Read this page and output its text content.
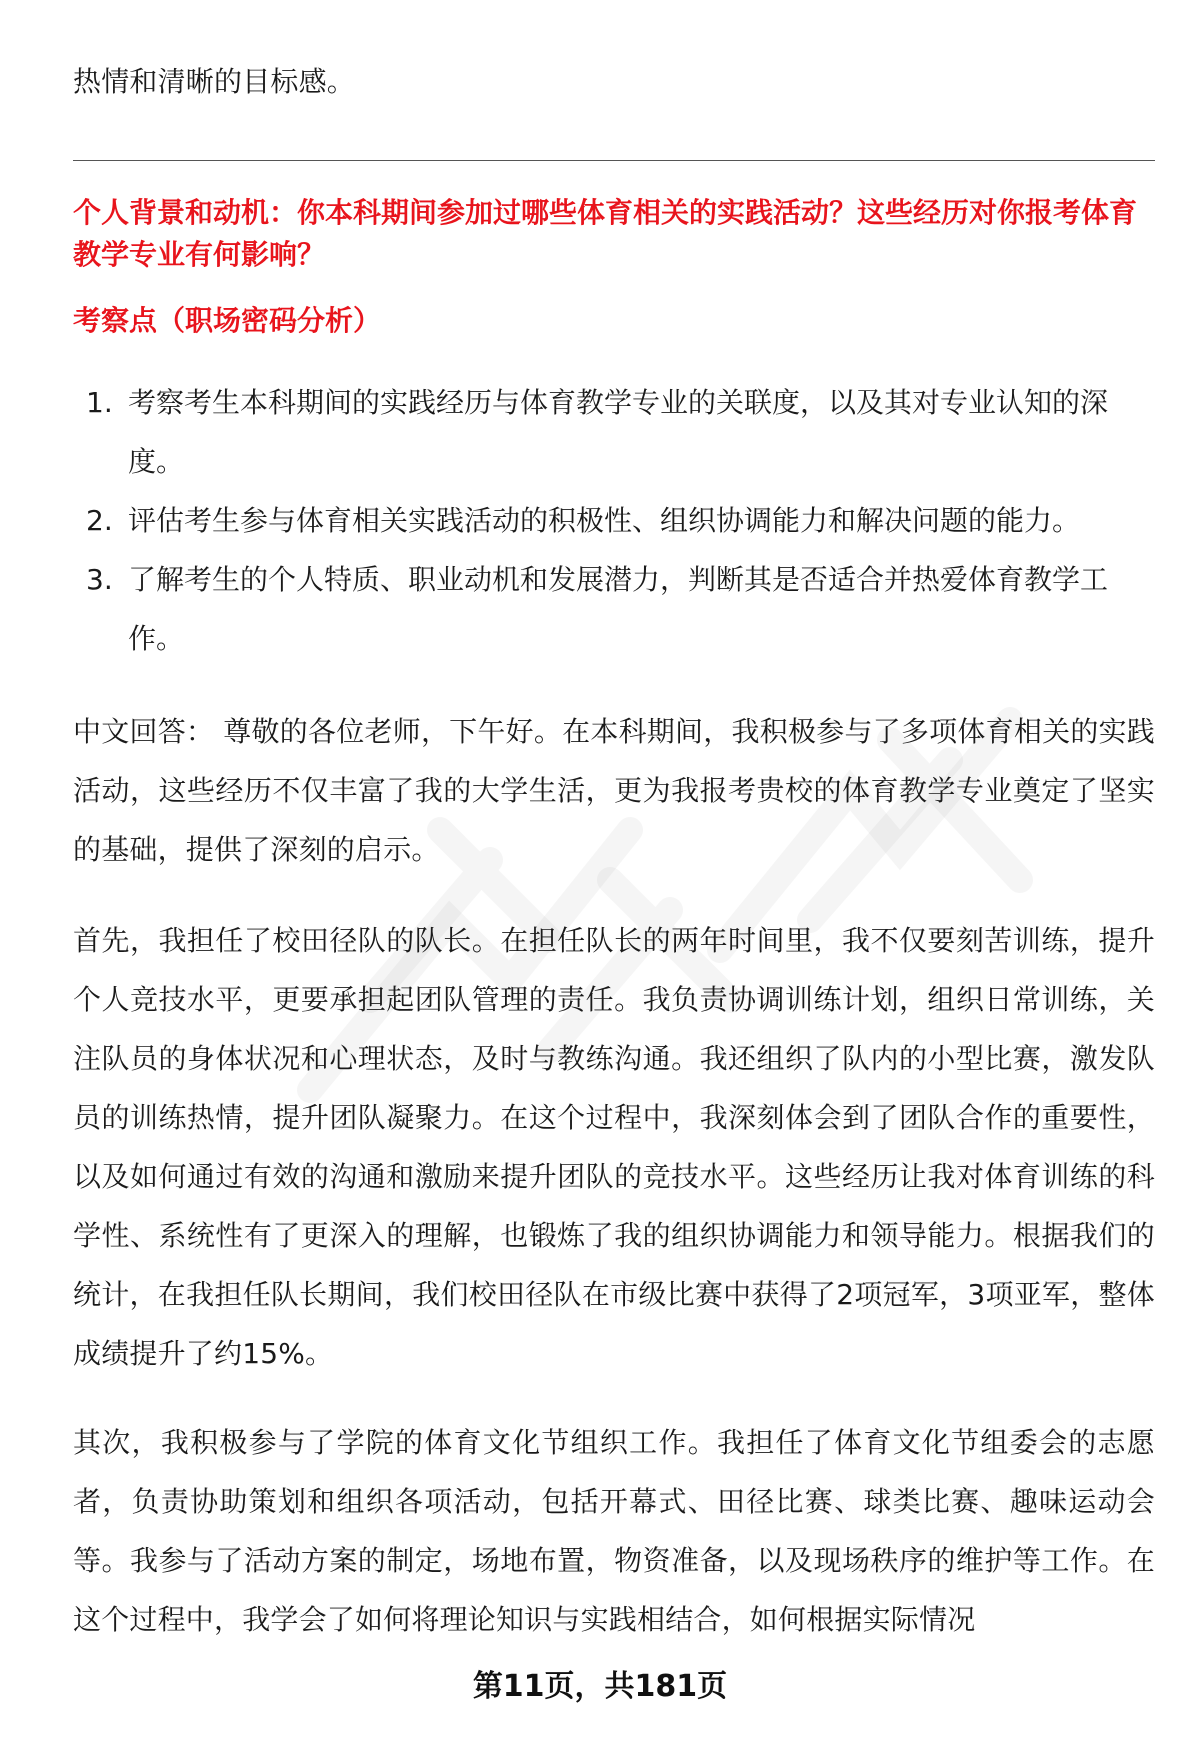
热情和清晰的目标感。

个人背景和动机：你本科期间参加过哪些体育相关的实践活动？这些经历对你报考体育教学专业有何影响？

考察点（职场密码分析）

1. 考察考生本科期间的实践经历与体育教学专业的关联度，以及其对专业认知的深度。
2. 评估考生参与体育相关实践活动的积极性、组织协调能力和解决问题的能力。
3. 了解考生的个人特质、职业动机和发展潜力，判断其是否适合并热爱体育教学工作。

中文回答： 尊敬的各位老师，下午好。在本科期间，我积极参与了多项体育相关的实践活动，这些经历不仅丰富了我的大学生活，更为我报考贵校的体育教学专业奠定了坚实的基础，提供了深刻的启示。

首先，我担任了校田径队的队长。在担任队长的两年时间里，我不仅要刻苦训练，提升个人竞技水平，更要承担起团队管理的责任。我负责协调训练计划，组织日常训练，关注队员的身体状况和心理状态，及时与教练沟通。我还组织了队内的小型比赛，激发队员的训练热情，提升团队凝聚力。在这个过程中，我深刻体会到了团队合作的重要性，以及如何通过有效的沟通和激励来提升团队的竞技水平。这些经历让我对体育训练的科学性、系统性有了更深入的理解，也锻炼了我的组织协调能力和领导能力。根据我们的统计，在我担任队长期间，我们校田径队在市级比赛中获得了2项冠军，3项亚军，整体成绩提升了约15%。

其次，我积极参与了学院的体育文化节组织工作。我担任了体育文化节组委会的志愿者，负责协助策划和组织各项活动，包括开幕式、田径比赛、球类比赛、趣味运动会等。我参与了活动方案的制定，场地布置，物资准备，以及现场秩序的维护等工作。在这个过程中，我学会了如何将理论知识与实践相结合，如何根据实际情况

第11页，共181页
